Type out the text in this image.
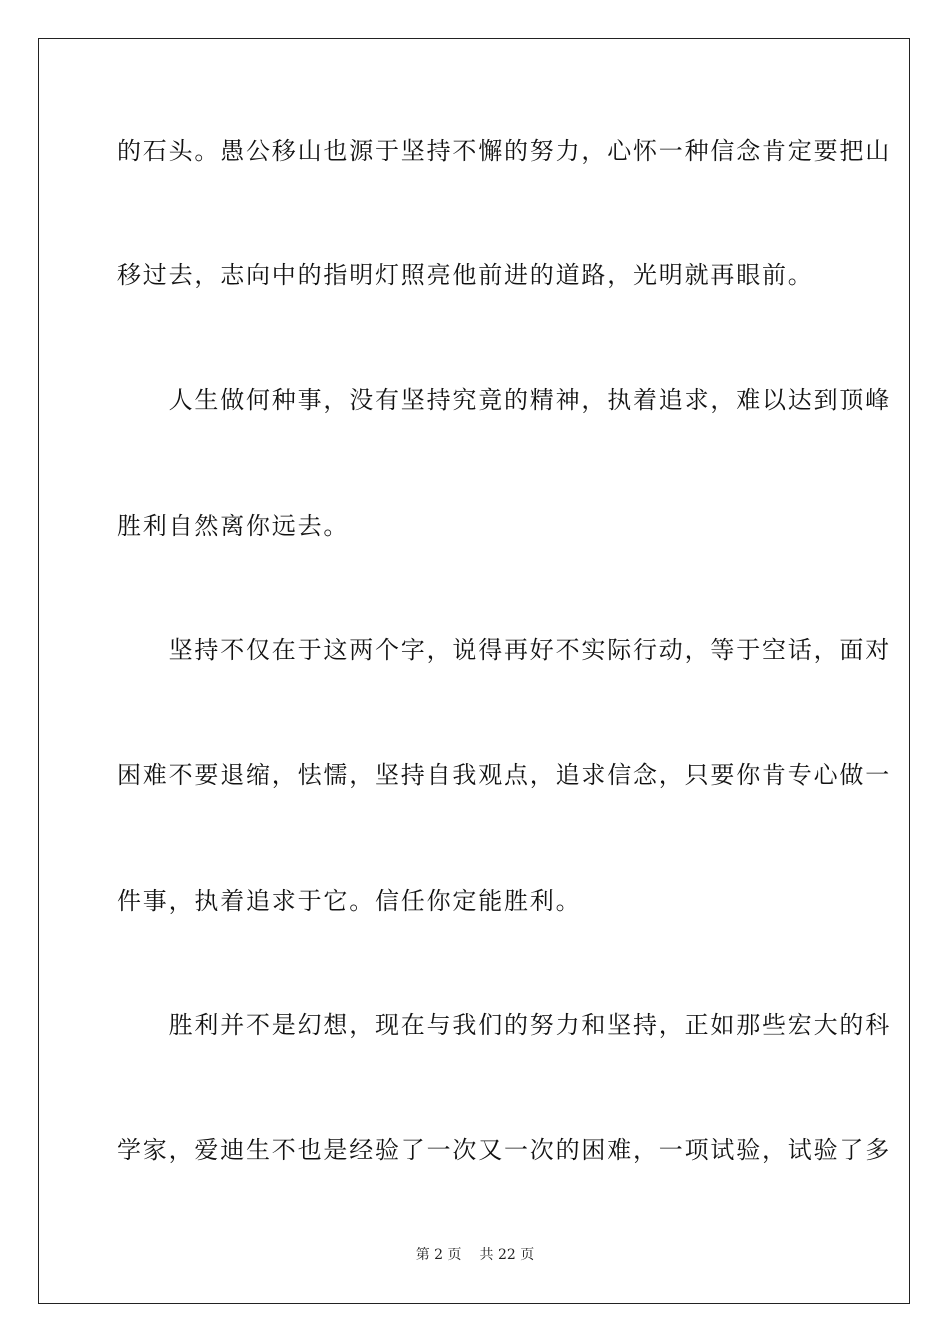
的石头。愚公移山也源于坚持不懈的努力，心怀一种信念肯定要把山
移过去，志向中的指明灯照亮他前进的道路，光明就再眼前。
　　人生做何种事，没有坚持究竟的精神，执着追求，难以达到顶峰
胜利自然离你远去。
　　坚持不仅在于这两个字，说得再好不实际行动，等于空话，面对
困难不要退缩，怯懦，坚持自我观点，追求信念，只要你肯专心做一
件事，执着追求于它。信任你定能胜利。
　　胜利并不是幻想，现在与我们的努力和坚持，正如那些宏大的科
学家，爱迪生不也是经验了一次又一次的困难，一项试验，试验了多
第 2 页 共 22 页
